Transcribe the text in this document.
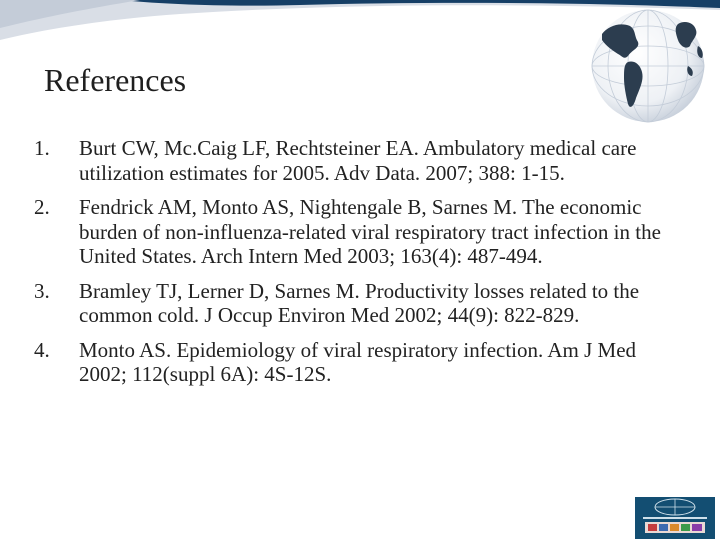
References
1. Burt CW, Mc.Caig LF, Rechtsteiner EA. Ambulatory medical care utilization estimates for 2005. Adv Data. 2007; 388: 1-15.
2. Fendrick AM, Monto AS, Nightengale B, Sarnes M. The economic burden of non-influenza-related viral respiratory tract infection in the United States. Arch Intern Med 2003; 163(4): 487-494.
3. Bramley TJ, Lerner D, Sarnes M. Productivity losses related to the common cold. J Occup Environ Med 2002; 44(9): 822-829.
4. Monto AS. Epidemiology of viral respiratory infection. Am J Med 2002; 112(suppl 6A): 4S-12S.
